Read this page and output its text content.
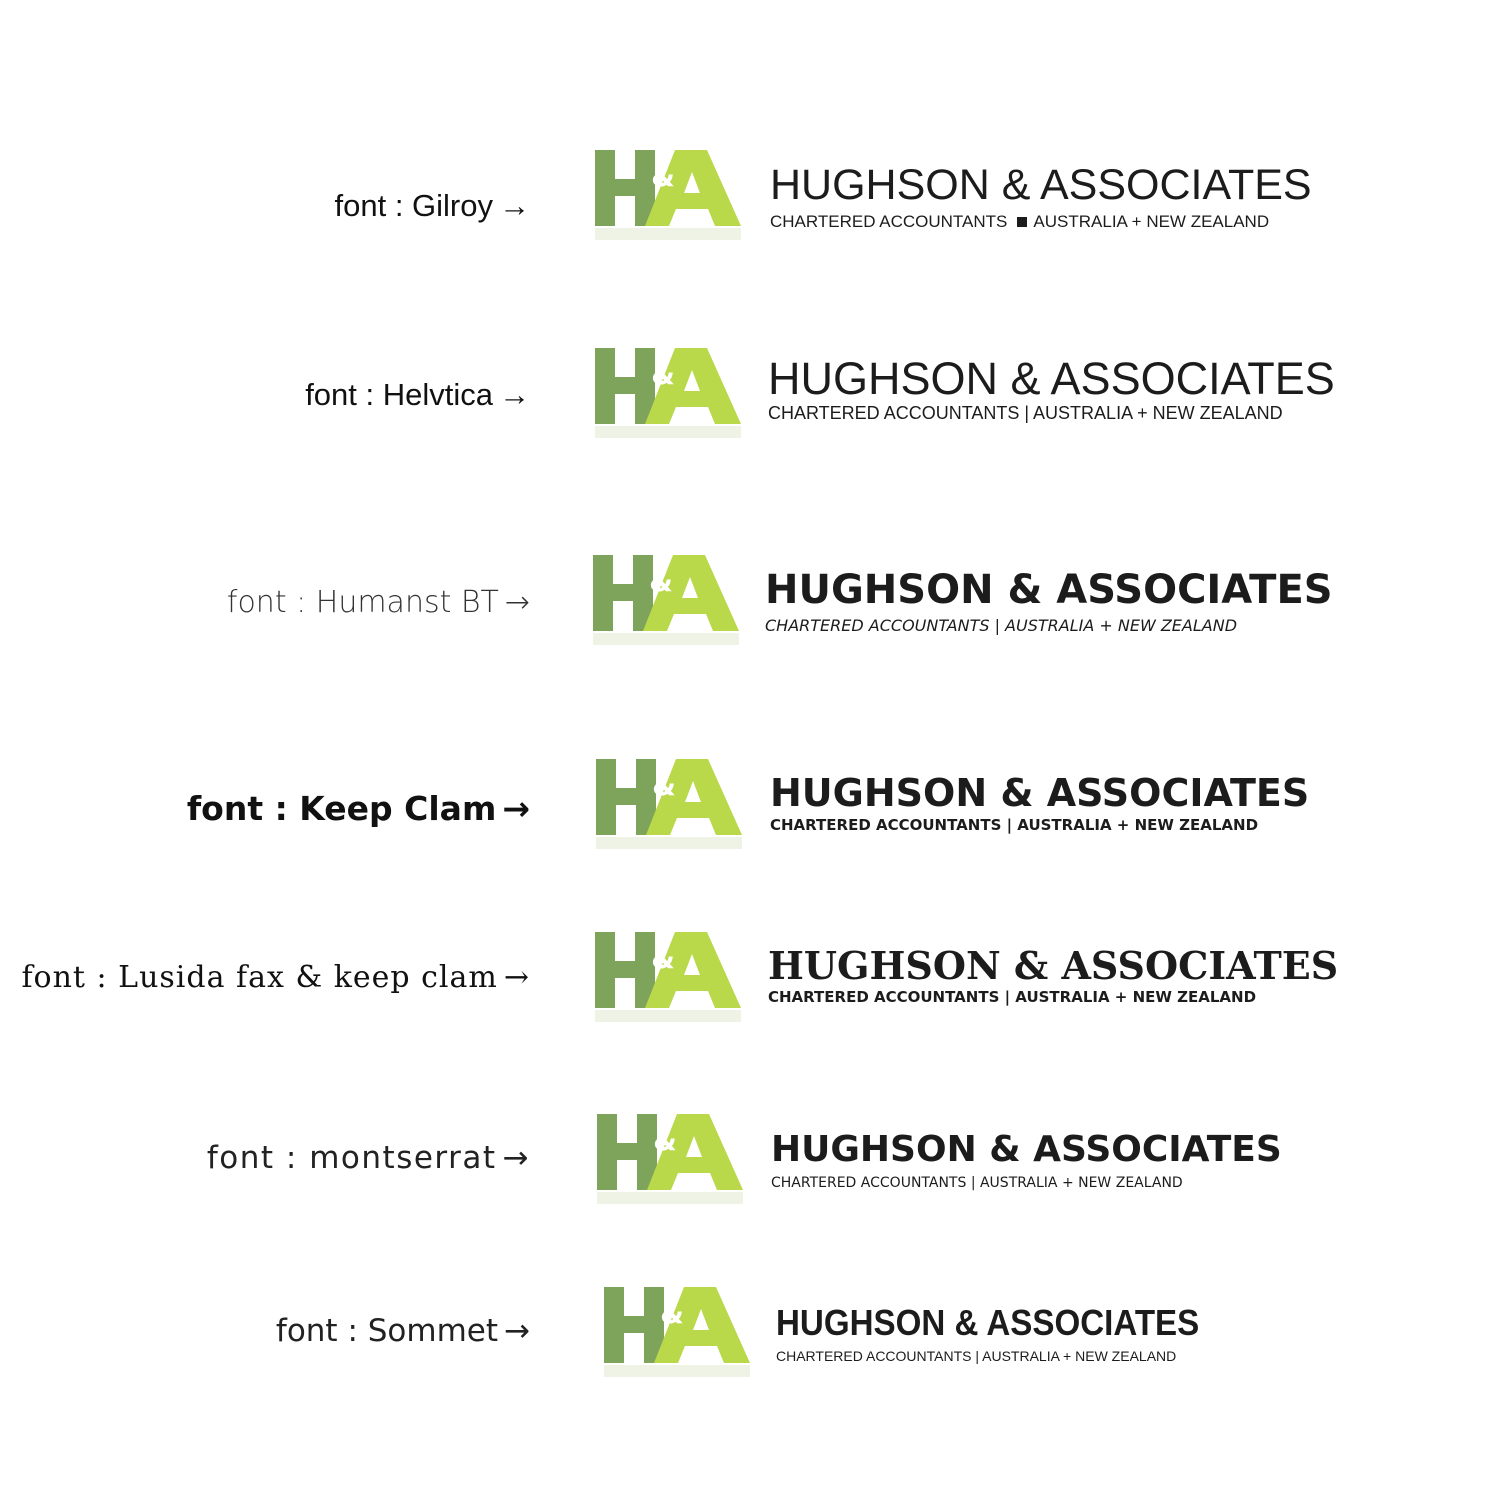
font : Gilroy →
& HUGHSON & ASSOCIATES
CHARTERED ACCOUNTANTS AUSTRALIA + NEW ZEALAND
font : Helvtica →
& HUGHSON & ASSOCIATES
CHARTERED ACCOUNTANTS | AUSTRALIA + NEW ZEALAND
font : Humanst BT →
& HUGHSON & ASSOCIATES
CHARTERED ACCOUNTANTS | AUSTRALIA + NEW ZEALAND
font : Keep Clam →
& HUGHSON & ASSOCIATES
CHARTERED ACCOUNTANTS | AUSTRALIA + NEW ZEALAND
font : Lusida fax & keep clam →
& HUGHSON & ASSOCIATES
CHARTERED ACCOUNTANTS | AUSTRALIA + NEW ZEALAND
font : montserrat →	&	HUGHSON & ASSOCIATES
CHARTERED ACCOUNTANTS | AUSTRALIA + NEW ZEALAND
font : Sommet →	&	HUGHSON & ASSOCIATES
CHARTERED ACCOUNTANTS | AUSTRALIA + NEW ZEALAND
